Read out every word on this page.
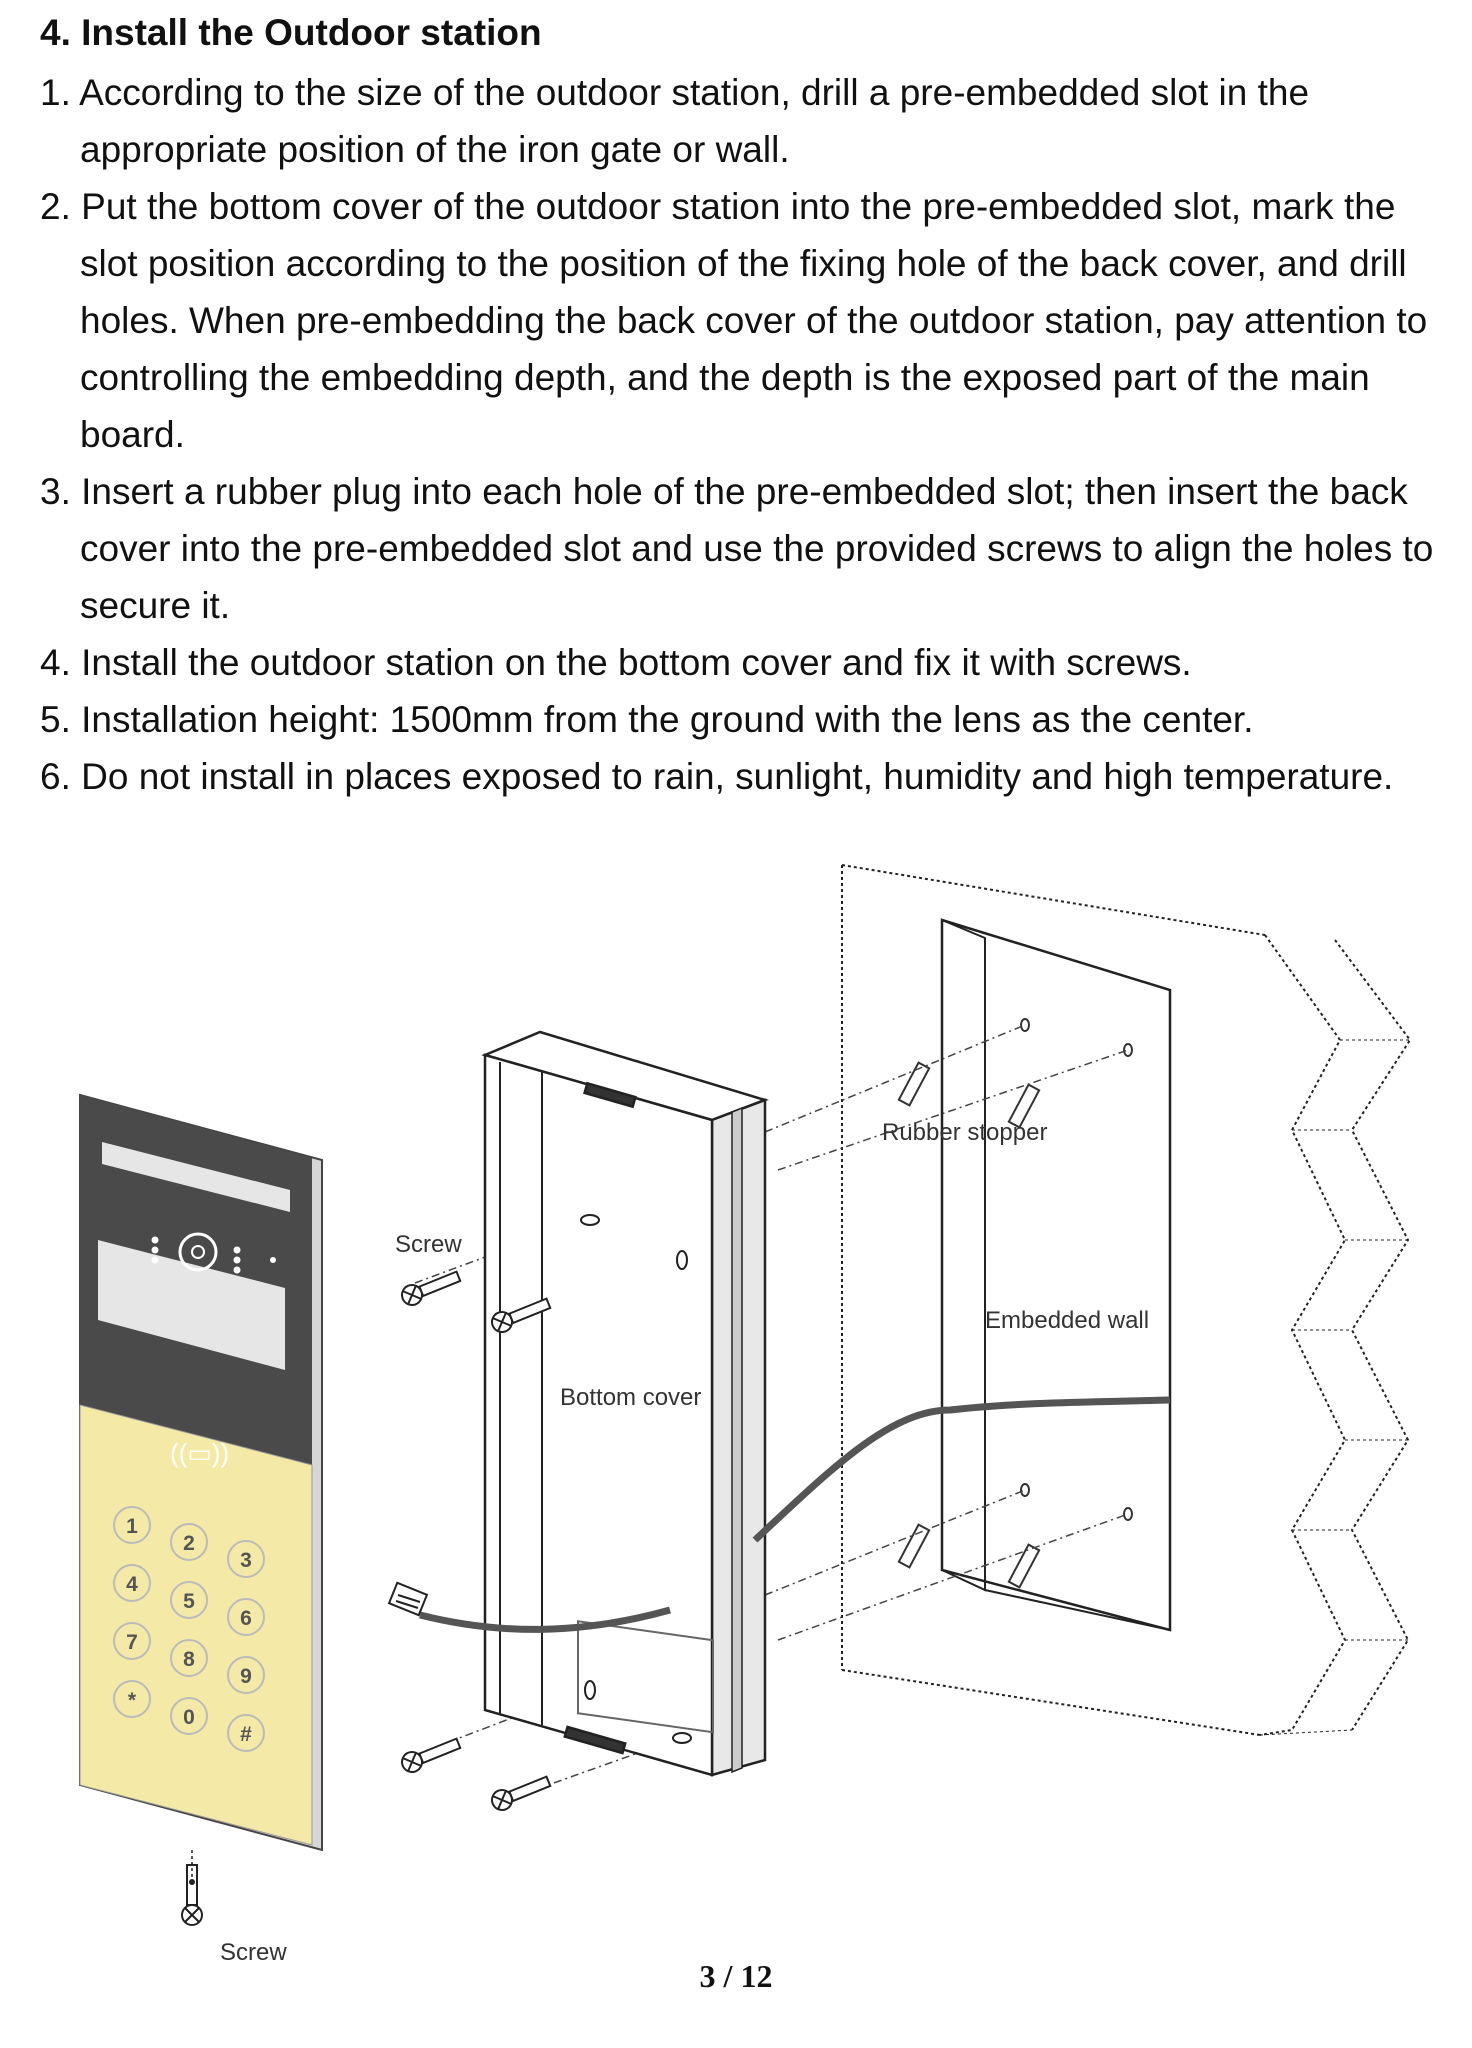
4. Install the Outdoor station
1. According to the size of the outdoor station, drill a pre-embedded slot in the appropriate position of the iron gate or wall.
2. Put the bottom cover of the outdoor station into the pre-embedded slot, mark the slot position according to the position of the fixing hole of the back cover, and drill holes. When pre-embedding the back cover of the outdoor station, pay attention to controlling the embedding depth, and the depth is the exposed part of the main board.
3. Insert a rubber plug into each hole of the pre-embedded slot; then insert the back cover into the pre-embedded slot and use the provided screws to align the holes to secure it.
4. Install the outdoor station on the bottom cover and fix it with screws.
5. Installation height: 1500mm from the ground with the lens as the center.
6. Do not install in places exposed to rain, sunlight, humidity and high temperature.
((▭))
1
2
3
4
5
6
7
8
9
*
0
#
Screw
Screw
Bottom cover
Rubber stopper
Embedded wall
3 / 12
